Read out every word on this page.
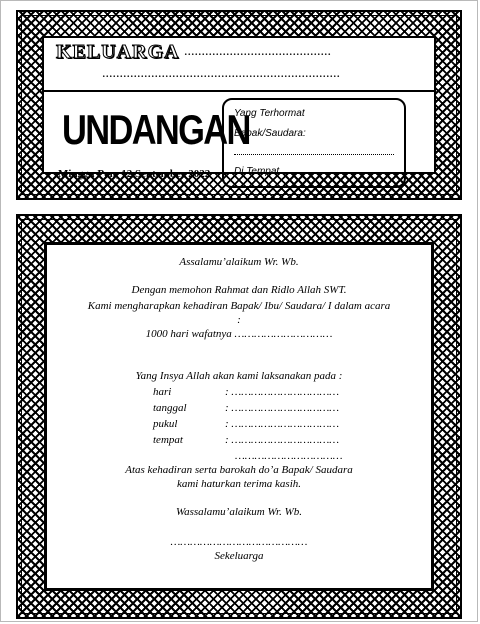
KELUARGA ..........................................
....................................................................
UNDANGAN
Minggu Pon, 12 September 2022
Yang Terhormat
Bapak/Saudara:
Di Tempat
Assalamu’alaikum Wr. Wb.
Dengan memohon Rahmat dan Ridlo Allah SWT.
Kami mengharapkan kehadiran Bapak/ Ibu/ Saudara/ I dalam acara
:
1000 hari wafatnya …………………………
Yang Insya Allah akan kami laksanakan pada :
hari	: ……………………………
tanggal	: ……………………………
pukul	: ……………………………
tempat	: ……………………………
……………………………
Atas kehadiran serta barokah do’a Bapak/ Saudara
kami haturkan terima kasih.
Wassalamu’alaikum Wr. Wb.
……………………………………
Sekeluarga
